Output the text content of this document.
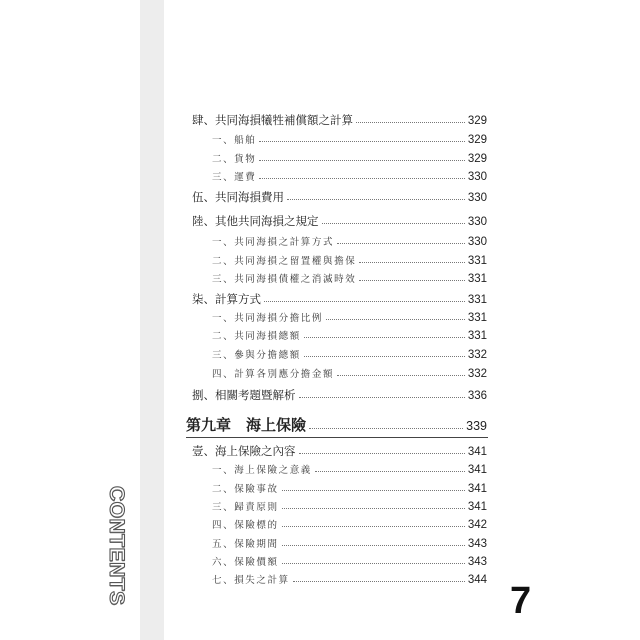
CONTENTS
肆、共同海損犧牲補償額之計算	329
一、船舶	329
二、貨物	329
三、運費	330
伍、共同海損費用	330
陸、其他共同海損之規定	330
一、共同海損之計算方式	330
二、共同海損之留置權與擔保	331
三、共同海損債權之消滅時效	331
柒、計算方式	331
一、共同海損分擔比例	331
二、共同海損總額	331
三、參與分擔總額	332
四、計算各別應分擔金額	332
捌、相關考題暨解析	336
第九章　海上保險	339
壹、海上保險之內容	341
一、海上保險之意義	341
二、保險事故	341
三、歸責原則	341
四、保險標的	342
五、保險期間	343
六、保險價額	343
七、損失之計算	344 7
